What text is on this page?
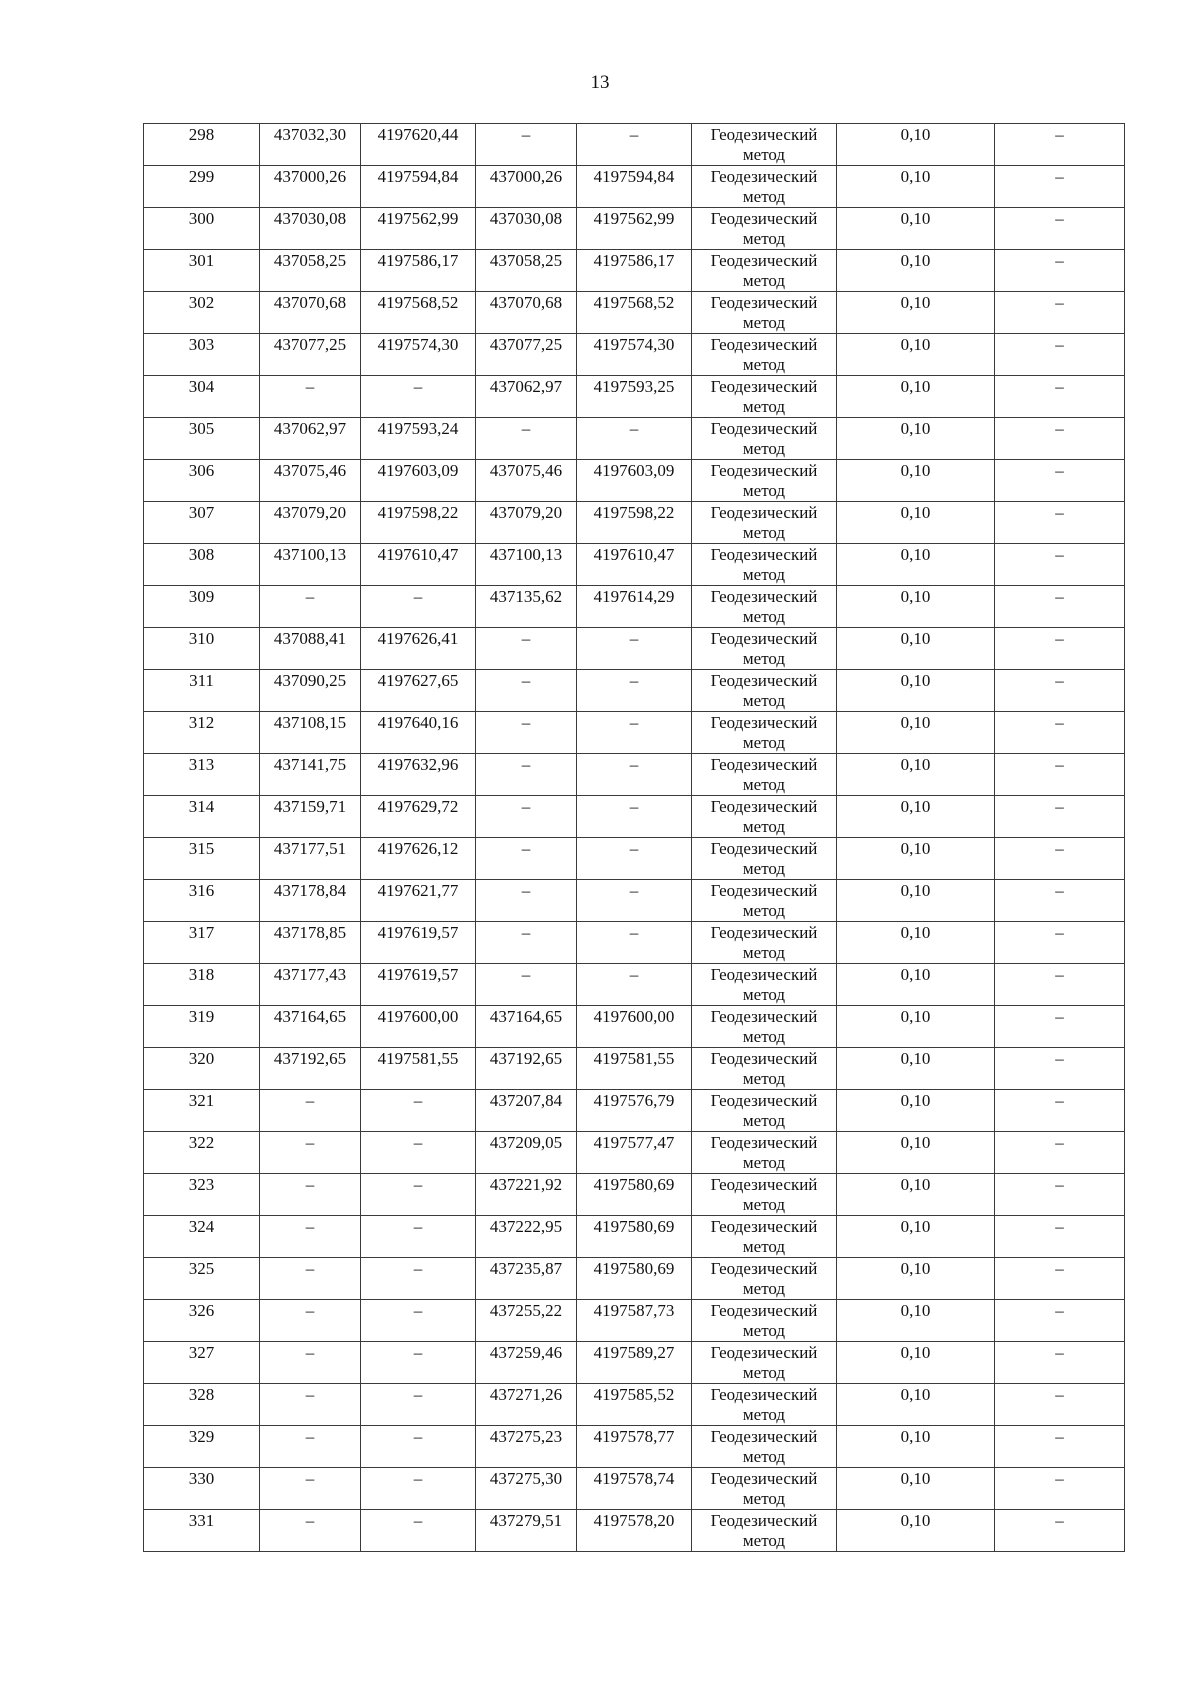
13
298	437032,30	4197620,44	–	–	Геодезический метод	0,10	–
299	437000,26	4197594,84	437000,26	4197594,84	Геодезический метод	0,10	–
300	437030,08	4197562,99	437030,08	4197562,99	Геодезический метод	0,10	–
301	437058,25	4197586,17	437058,25	4197586,17	Геодезический метод	0,10	–
302	437070,68	4197568,52	437070,68	4197568,52	Геодезический метод	0,10	–
303	437077,25	4197574,30	437077,25	4197574,30	Геодезический метод	0,10	–
304	–	–	437062,97	4197593,25	Геодезический метод	0,10	–
305	437062,97	4197593,24	–	–	Геодезический метод	0,10	–
306	437075,46	4197603,09	437075,46	4197603,09	Геодезический метод	0,10	–
307	437079,20	4197598,22	437079,20	4197598,22	Геодезический метод	0,10	–
308	437100,13	4197610,47	437100,13	4197610,47	Геодезический метод	0,10	–
309	–	–	437135,62	4197614,29	Геодезический метод	0,10	–
310	437088,41	4197626,41	–	–	Геодезический метод	0,10	–
311	437090,25	4197627,65	–	–	Геодезический метод	0,10	–
312	437108,15	4197640,16	–	–	Геодезический метод	0,10	–
313	437141,75	4197632,96	–	–	Геодезический метод	0,10	–
314	437159,71	4197629,72	–	–	Геодезический метод	0,10	–
315	437177,51	4197626,12	–	–	Геодезический метод	0,10	–
316	437178,84	4197621,77	–	–	Геодезический метод	0,10	–
317	437178,85	4197619,57	–	–	Геодезический метод	0,10	–
318	437177,43	4197619,57	–	–	Геодезический метод	0,10	–
319	437164,65	4197600,00	437164,65	4197600,00	Геодезический метод	0,10	–
320	437192,65	4197581,55	437192,65	4197581,55	Геодезический метод	0,10	–
321	–	–	437207,84	4197576,79	Геодезический метод	0,10	–
322	–	–	437209,05	4197577,47	Геодезический метод	0,10	–
323	–	–	437221,92	4197580,69	Геодезический метод	0,10	–
324	–	–	437222,95	4197580,69	Геодезический метод	0,10	–
325	–	–	437235,87	4197580,69	Геодезический метод	0,10	–
326	–	–	437255,22	4197587,73	Геодезический метод	0,10	–
327	–	–	437259,46	4197589,27	Геодезический метод	0,10	–
328	–	–	437271,26	4197585,52	Геодезический метод	0,10	–
329	–	–	437275,23	4197578,77	Геодезический метод	0,10	–
330	–	–	437275,30	4197578,74	Геодезический метод	0,10	–
331	–	–	437279,51	4197578,20	Геодезический метод	0,10	–
